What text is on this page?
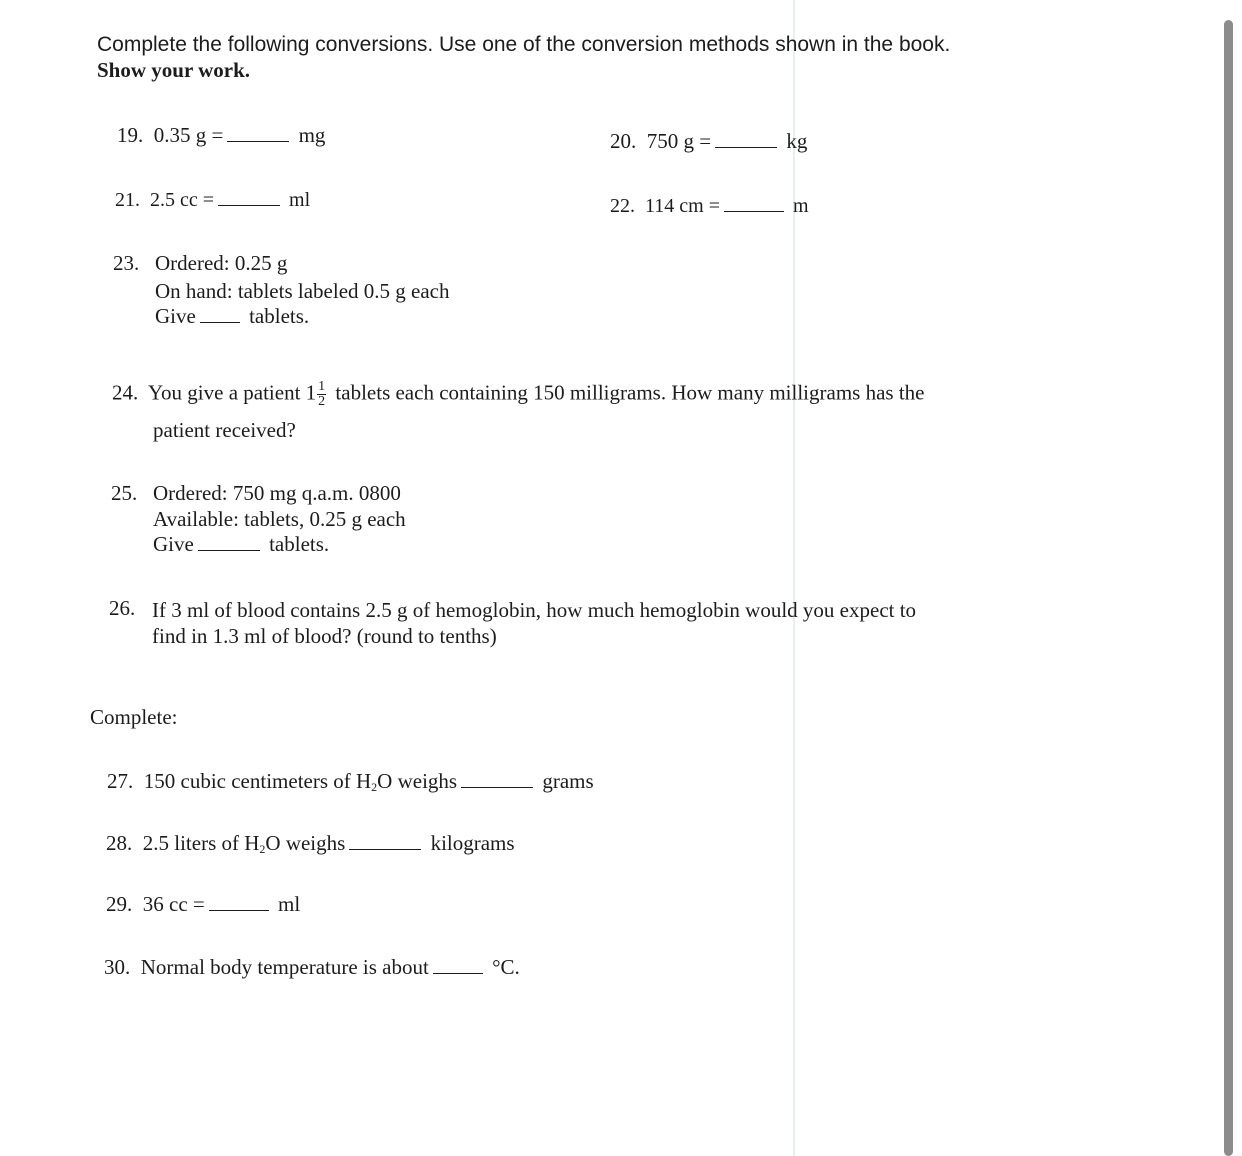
Complete the following conversions. Use one of the conversion methods shown in the book.
Show your work.
19. 0.35 g =	mg	20. 750 g =	kg
21. 2.5 cc =	ml	22. 114 cm =	m
23. Ordered: 0.25 g
On hand: tablets labeled 0.5 g each
Give	tablets.
24. You give a patient $1 \frac{1}{2}$ tablets each containing 150 milligrams. How many milligrams has the
patient received?
25. Ordered: 750 mg q.a.m. 0800
Available: tablets, 0.25 g each
Give	tablets.
26. If 3 ml of blood contains 2.5 g of hemoglobin, how much hemoglobin would you expect to
find in 1.3 ml of blood? (round to tenths)
Complete:
27. 150 cubic centimeters of $H_2O$ weighs	grams
28. 2.5 liters of $H_2O$ weighs	kilograms
29. 36 cc =	ml
30. Normal body temperature is about	°C.
